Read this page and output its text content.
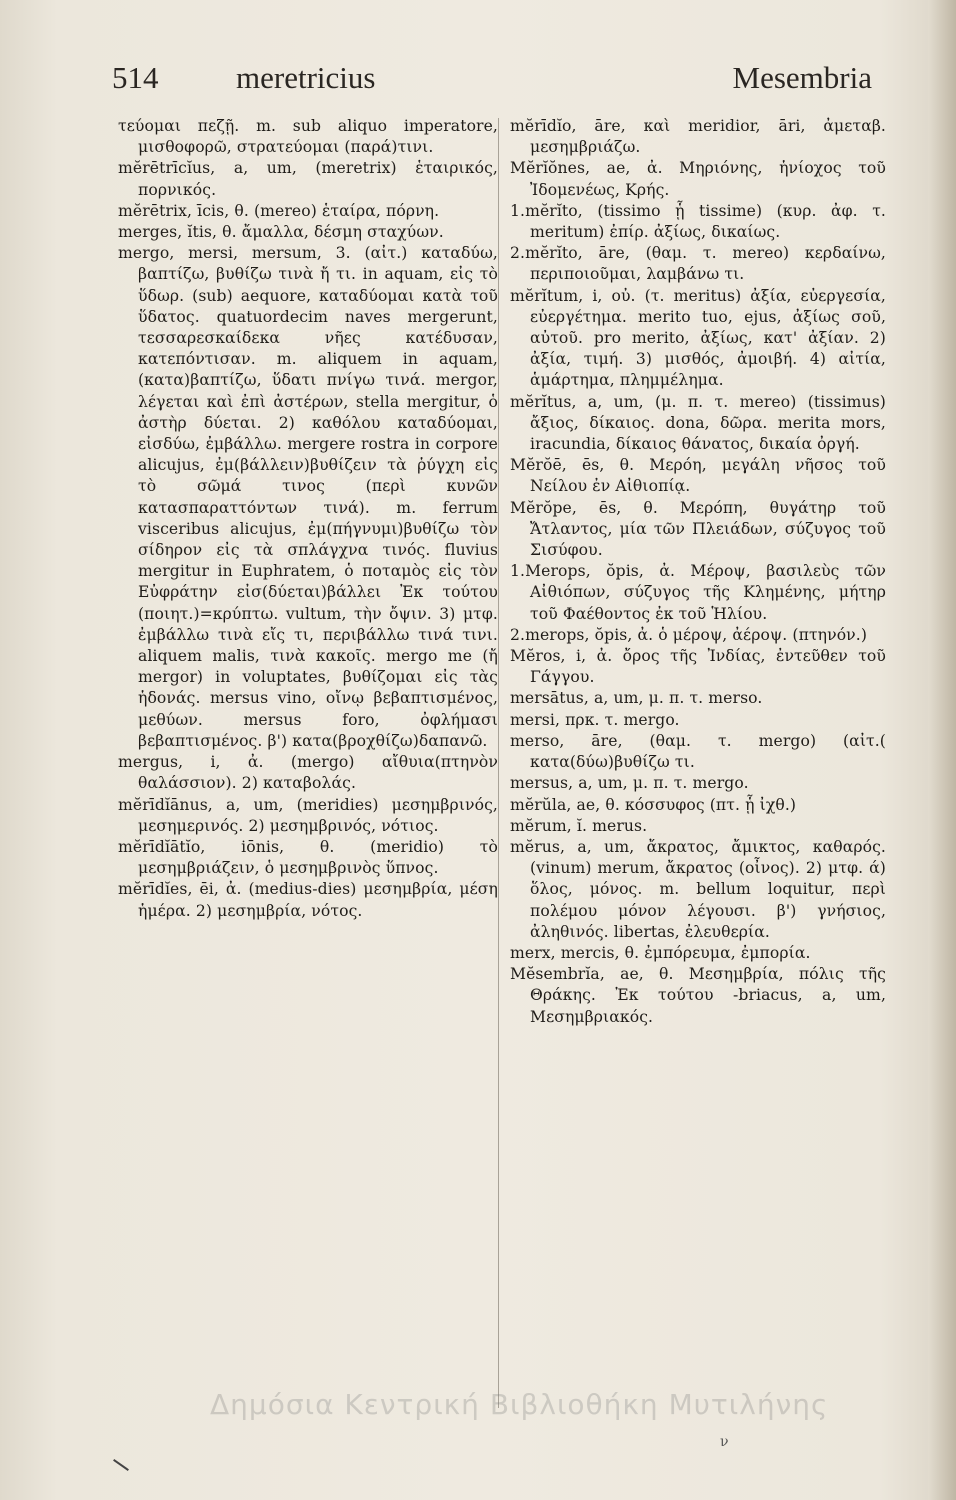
514	meretricius	Mesembria

τεύομαι πεζῇ. m. sub aliquo imperatore, μισθοφορῶ, στρατεύομαι (παρά)τινι.

mĕrētrīcĭus, a, um, (meretrix) ἑταιρικός, πορνικός.

mĕrētrix, īcis, θ. (mereo) ἑταίρα, πόρνη.

merges, ĭtis, θ. ἄμαλλα, δέσμη σταχύων.

mergo, mersi, mersum, 3. (αἰτ.) καταδύω, βαπτίζω, βυθίζω τινὰ ἤ τι. in aquam, εἰς τὸ ὕδωρ. (sub) aequore, καταδύομαι κατὰ τοῦ ὕδατος. quatuordecim naves mergerunt, τεσσαρεσκαίδεκα νῆες κατέδυσαν, κατεπόντισαν. m. aliquem in aquam,(κατα)βαπτίζω, ὕδατι πνίγω τινά. mergor, λέγεται καὶ ἐπὶ ἀστέρων, stella mergitur, ὁ ἀστὴρ δύεται. 2) καθόλου καταδύομαι, εἰσδύω, ἐμβάλλω. mergere rostra in corpore alicujus, ἐμ(βάλλειν)βυθίζειν τὰ ῥύγχη εἰς τὸ σῶμά τινος (περὶ κυνῶν κατασπαραττόντων τινά). m. ferrum visceribus alicujus, ἐμ(πήγνυμι)βυθίζω τὸν σίδηρον εἰς τὰ σπλάγχνα τινός. fluvius mergitur in Euphratem, ὁ ποταμὸς εἰς τὸν Εὐφράτην εἰσ(δύεται)βάλλει Ἐκ τούτου (ποιητ.)=κρύπτω. vultum, τὴν ὄψιν. 3) μτφ. ἐμβάλλω τινὰ εἴς τι, περιβάλλω τινά τινι. aliquem malis, τινὰ κακοῖς. mergo me (ἤ mergor) in voluptates, βυθίζομαι εἰς τὰς ἡδονάς. mersus vino, οἴνῳ βεβαπτισμένος, μεθύων. mersus foro, ὀφλήμασι βεβαπτισμένος. β') κατα(βροχθίζω)δαπανῶ.

mergus, i, ἀ. (mergo) αἴθυια(πτηνὸν θαλάσσιον). 2) καταβολάς.

mĕrīdĭānus, a, um, (meridies) μεσημβρινός, μεσημερινός. 2) μεσημβρινός, νότιος.

mĕrīdĭātĭo, iōnis, θ. (meridio) τὸ μεσημβριάζειν, ὁ μεσημβρινὸς ὕπνος.

mĕrīdĭes, ēi, ἀ. (medius-dies) μεσημβρία, μέση ἡμέρα. 2) μεσημβρία, νότος.

mĕrīdĭo, āre, καὶ meridior, āri, ἀμεταβ. μεσημβριάζω.

Mĕrĭŏnes, ae, ἀ. Μηριόνης, ἡνίοχος τοῦ Ἰδομενέως, Κρής.

1.mĕrĭto, (tissimo ᾗ tissime) (κυρ. ἀφ. τ. meritum) ἐπίρ. ἀξίως, δικαίως.

2.mĕrĭto, āre, (θαμ. τ. mereo) κερδαίνω, περιποιοῦμαι, λαμβάνω τι.

mĕrĭtum, i, οὐ. (τ. meritus) ἀξία, εὐεργεσία, εὐεργέτημα. merito tuo, ejus, ἀξίως σοῦ, αὐτοῦ. pro merito, ἀξίως, κατ' ἀξίαν. 2) ἀξία, τιμή. 3) μισθός, ἀμοιβή. 4) αἰτία, ἁμάρτημα, πλημμέλημα.

mĕrĭtus, a, um, (μ. π. τ. mereo) (tissimus) ἄξιος, δίκαιος. dona, δῶρα. merita mors, iracundia, δίκαιος θάνατος, δικαία ὀργή.

Mĕrŏē, ēs, θ. Μερόη, μεγάλη νῆσος τοῦ Νείλου ἐν Αἰθιοπίᾳ.

Mĕrŏpe, ēs, θ. Μερόπη, θυγάτηρ τοῦ Ἄτλαντος, μία τῶν Πλειάδων, σύζυγος τοῦ Σισύφου.

1.Merops, ŏpis, ἀ. Μέροψ, βασιλεὺς τῶν Αἰθιόπων, σύζυγος τῆς Κλημένης, μήτηρ τοῦ Φαέθοντος ἐκ τοῦ Ἡλίου.

2.merops, ŏpis, ἀ. ὁ μέροψ, ἀέροψ. (πτηνόν.)

Mĕros, i, ἀ. ὄρος τῆς Ἰνδίας, ἐντεῦθεν τοῦ Γάγγου.

mersātus, a, um, μ. π. τ. merso.

mersi, πρκ. τ. mergo.

merso, āre, (θαμ. τ. mergo) (αἰτ.( κατα(δύω)βυθίζω τι.

mersus, a, um, μ. π. τ. mergo.

mĕrŭla, ae, θ. κόσσυφος (πτ. ᾗ ἰχθ.)

mĕrum, ĭ. merus.

mĕrus, a, um, ἄκρατος, ἄμικτος, καθαρός. (vinum) merum, ἄκρατος (οἶνος). 2) μτφ. ά) ὅλος, μόνος. m. bellum loquitur, περὶ πολέμου μόνον λέγουσι. β') γνήσιος, ἀληθινός. libertas, ἐλευθερία.

merx, mercis, θ. ἐμπόρευμα, ἐμπορία.

Mĕsembrĭa, ae, θ. Μεσημβρία, πόλις τῆς Θράκης. Ἐκ τούτου -briacus, a, um, Μεσημβριακός.

Δημόσια Κεντρική Βιβλιοθήκη Μυτιλήνης
ν
